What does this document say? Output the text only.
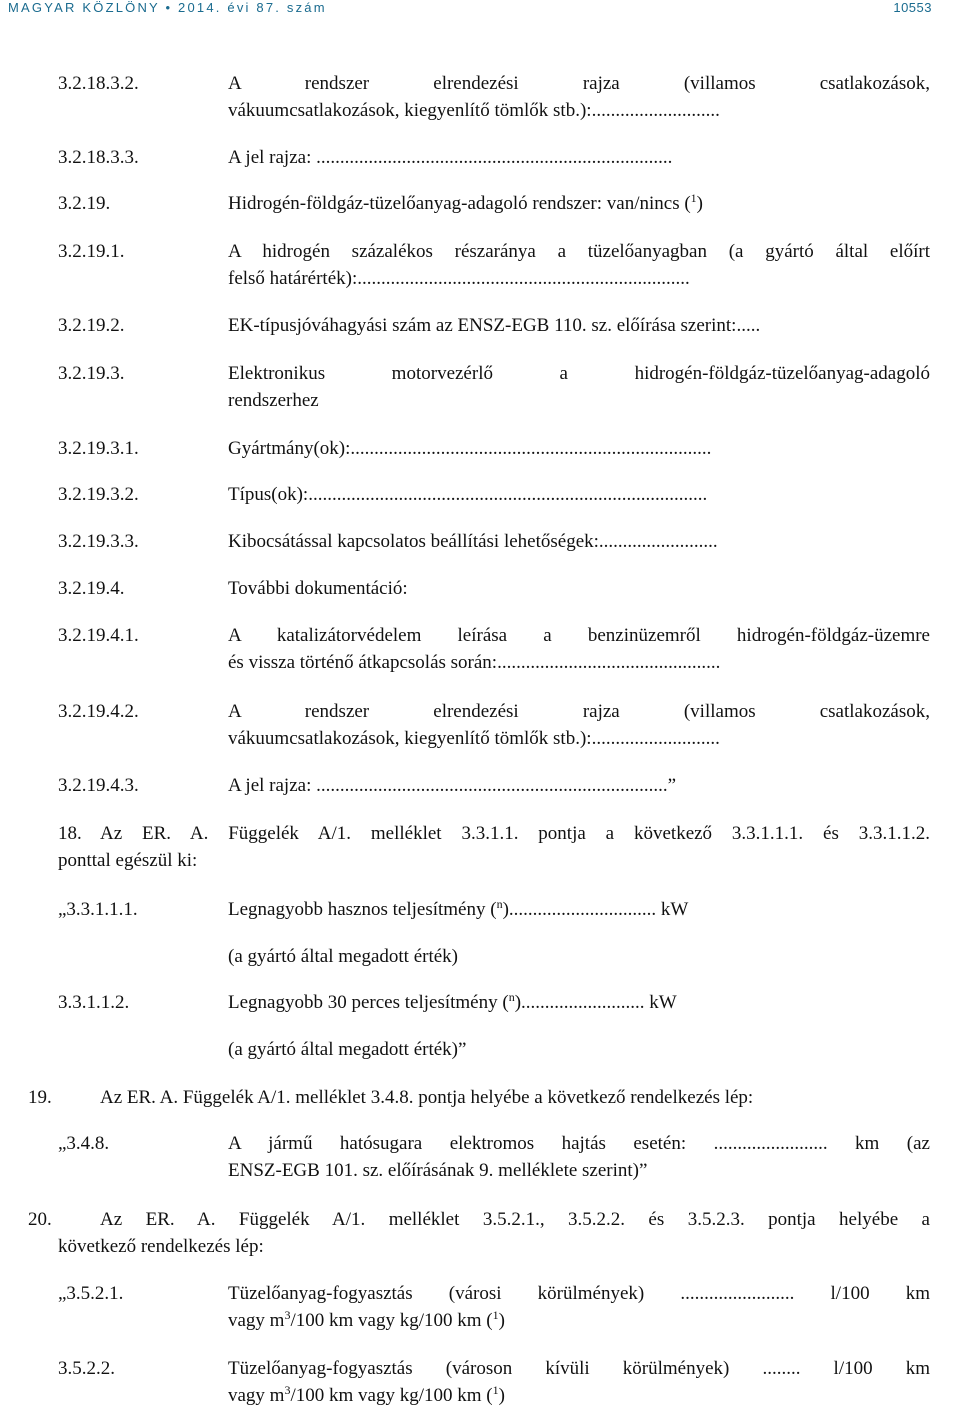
MAGYAR KÖZLÖNY • 2014. évi 87. szám	10553
3.2.18.3.2.	A rendszer elrendezési rajza (villamos csatlakozások,
vákuumcsatlakozások, kiegyenlítő tömlők stb.):...........................
3.2.18.3.3.	A jel rajza: ...........................................................................
3.2.19.	Hidrogén-földgáz-tüzelőanyag-adagoló rendszer: van/nincs ($^1$)
3.2.19.1.	A hidrogén százalékos részaránya a tüzelőanyagban (a gyártó által előírt
felső határérték):......................................................................
3.2.19.2.	EK-típusjóváhagyási szám az ENSZ-EGB 110. sz. előírása szerint:.....
3.2.19.3.	Elektronikus motorvezérlő a hidrogén-földgáz-tüzelőanyag-adagoló
rendszerhez
3.2.19.3.1.	Gyártmány(ok):............................................................................
3.2.19.3.2.	Típus(ok):....................................................................................
3.2.19.3.3.	Kibocsátással kapcsolatos beállítási lehetőségek:.........................
3.2.19.4.	További dokumentáció:
3.2.19.4.1.	A katalizátorvédelem leírása a benzinüzemről hidrogén-földgáz-üzemre
és vissza történő átkapcsolás során:...............................................
3.2.19.4.2.	A rendszer elrendezési rajza (villamos csatlakozások,
vákuumcsatlakozások, kiegyenlítő tömlők stb.):...........................
3.2.19.4.3.	A jel rajza: ..........................................................................”
18. Az ER. A. Függelék A/1. melléklet 3.3.1.1. pontja a következő 3.3.1.1.1. és 3.3.1.1.2.
ponttal egészül ki:
„3.3.1.1.1.	Legnagyobb hasznos teljesítmény ($^n$)............................... kW
(a gyártó által megadott érték)
3.3.1.1.2.	Legnagyobb 30 perces teljesítmény ($^n$).......................... kW
(a gyártó által megadott érték)”
19.	Az ER. A. Függelék A/1. melléklet 3.4.8. pontja helyébe a következő rendelkezés lép:
„3.4.8.	A jármű hatósugara elektromos hajtás esetén: ........................ km (az
ENSZ-EGB 101. sz. előírásának 9. melléklete szerint)”
20.	Az ER. A. Függelék A/1. melléklet 3.5.2.1., 3.5.2.2. és 3.5.2.3. pontja helyébe a
következő rendelkezés lép:
„3.5.2.1.	Tüzelőanyag-fogyasztás (városi körülmények) ........................ l/100 km
vagy $m^3/100$ km vagy kg/100 km ($^1$)
3.5.2.2.	Tüzelőanyag-fogyasztás (városon kívüli körülmények) ........ l/100 km
vagy $m^3/100$ km vagy kg/100 km ($^1$)
